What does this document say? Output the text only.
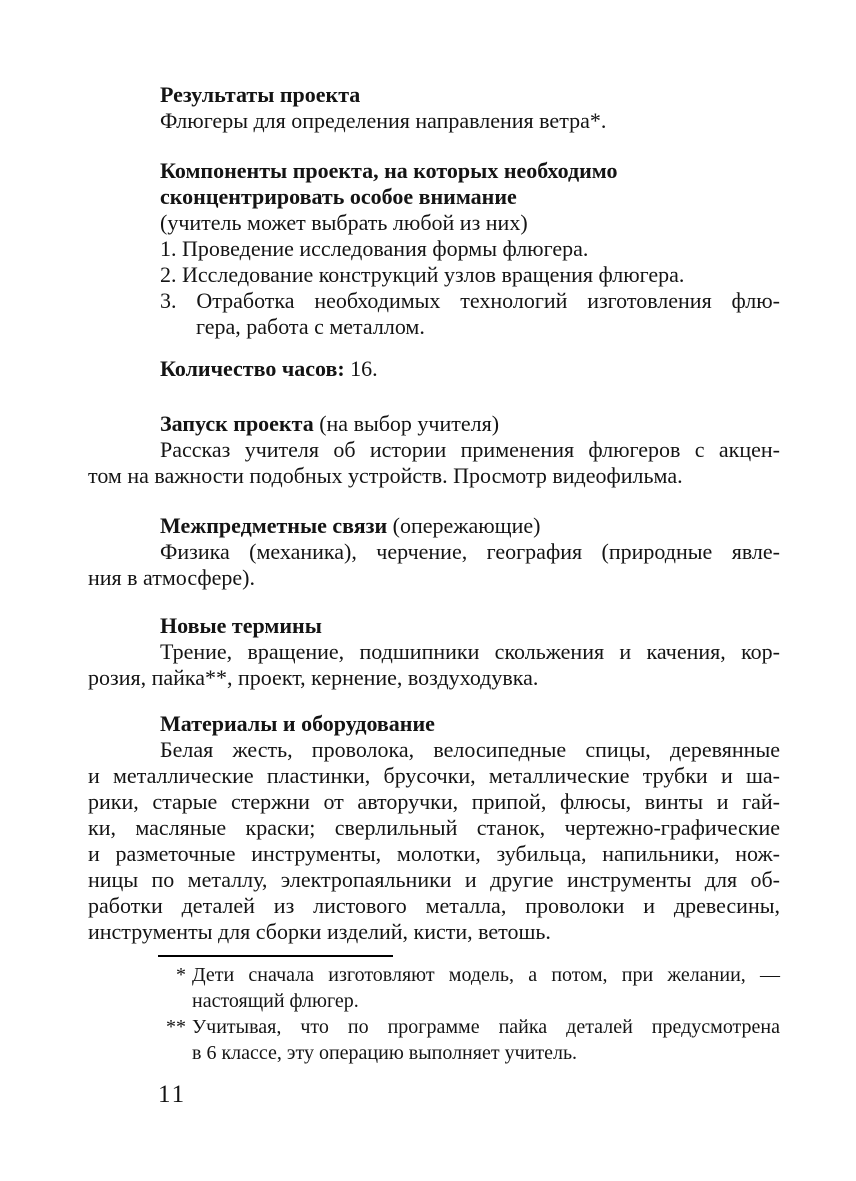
Результаты проекта
Флюгеры для определения направления ветра*.
Компоненты проекта, на которых необходимо
сконцентрировать особое внимание
(учитель может выбрать любой из них)
1. Проведение исследования формы флюгера.
2. Исследование конструкций узлов вращения флюгера.
3. Отработка необходимых технологий изготовления флю-
гера, работа с металлом.
Количество часов: 16.
Запуск проекта (на выбор учителя)
Рассказ учителя об истории применения флюгеров с акцен-
том на важности подобных устройств. Просмотр видеофильма.
Межпредметные связи (опережающие)
Физика (механика), черчение, география (природные явле-
ния в атмосфере).
Новые термины
Трение, вращение, подшипники скольжения и качения, кор-
розия, пайка**, проект, кернение, воздуходувка.
Материалы и оборудование
Белая жесть, проволока, велосипедные спицы, деревянные
и металлические пластинки, брусочки, металлические трубки и ша-
рики, старые стержни от авторучки, припой, флюсы, винты и гай-
ки, масляные краски; сверлильный станок, чертежно-графические
и разметочные инструменты, молотки, зубильца, напильники, нож-
ницы по металлу, электропаяльники и другие инструменты для об-
работки деталей из листового металла, проволоки и древесины,
инструменты для сборки изделий, кисти, ветошь.
* Дети сначала изготовляют модель, а потом, при желании, —
настоящий флюгер.
** Учитывая, что по программе пайка деталей предусмотрена
в 6 классе, эту операцию выполняет учитель.
11
